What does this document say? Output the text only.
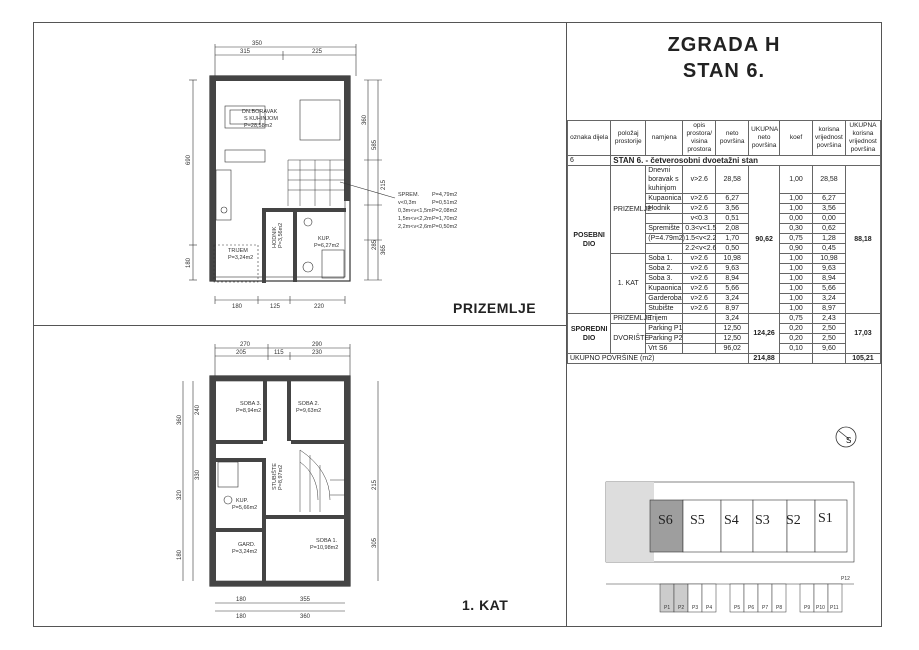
350
315	225
180	125	220
690
180
360
585
215
285 365
DN.BORAVAK S KUHINJOM P=28,58m2
TRIJEM P=3,24m2
HODNIKP=3,56m2	KUP. P=6,27m2
SPREM. P=4,79m2 v<0,3m	P=0,51m2 0,3m<v<1,5mP=2,08m2 1,5m<v<2,2mP=1,70m2 2,2m<v<2,6mP=0,50m2
270	290
205	115	230
180	355
180	360
360
320
180
240
330
215
305
SOBA 3. P=8,94m2
SOBA 2. P=9,63m2
STUBIŠTEP=8,97m2
KUP. P=5,66m2
GARD. P=3,24m2
SOBA 1. P=10,98m2
PRIZEMLJE
1. KAT
ZGRADA H
STAN 6.
oznaka dijela	položaj prostorije	namjena	opis prostora/ visina prostora	neto površina	UKUPNA neto površina	koef	korisna vrijednost površina	UKUPNA korisna vrijednost površina
6	STAN 6. - četverosobni dvoetažni stan							
POSEBNI DIO	PRIZEMLJE	Dnevni boravak s kuhinjom	v>2.6	28,58	90,62	1,00	28,58	88,18
		Kupaonica	v>2.6	6,27		1,00	6,27	
		Hodnik	v>2.6	3,56		1,00	3,56	
			v<0.3	0,51		0,00	0,00	
		Spremište	0.3<v<1.5	2,08		0,30	0,62	
		(P=4.79m2)	1.5<v<2.2	1,70		0,75	1,28	
			2.2<v<2.6	0,50		0,90	0,45	
	1. KAT	Soba 1.	v>2.6	10,98		1,00	10,98	
		Soba 2.	v>2.6	9,63		1,00	9,63	
		Soba 3.	v>2.6	8,94		1,00	8,94	
		Kupaonica	v>2.6	5,66		1,00	5,66	
		Garderoba	v>2.6	3,24		1,00	3,24	
		Stubište	v>2.6	8,97		1,00	8,97	
SPOREDNI DIO	PRIZEMLJE	Trijem		3,24	124,26	0,75	2,43	17,03
	DVORIŠTE	Parking P1		12,50		0,20	2,50	
		Parking P2		12,50		0,20	2,50	
		Vrt S6		96,02		0,10	9,60	
UKUPNO POVRŠINE (m2)					214,88			105,21
S
P1 P2 P3 P4	P5 P6 P7 P8	P9 P10 P11
P12
S6 S5 S4 S3 S2 S1
